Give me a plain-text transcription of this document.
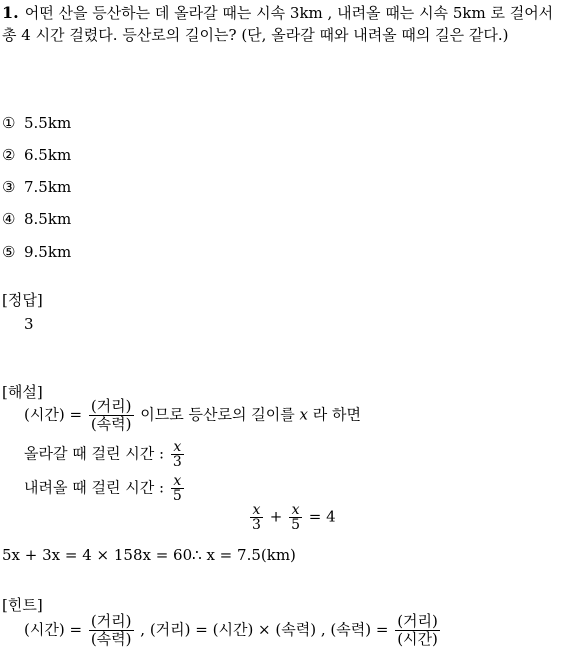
1. 어떤 산을 등산하는 데 올라갈 때는 시속 3km , 내려올 때는 시속 5km 로 걸어서 총 4 시간 걸렸다. 등산로의 길이는? (단, 올라갈 때와 내려올 때의 길은 같다.)
① 5.5km
② 6.5km
③ 7.5km
④ 8.5km
⑤ 9.5km
[정답]
3
[해설]
(시간) = $\frac{\text{(거리)}}{\text{(속력)}}$ 이므로 등산로의 길이를 x 라 하면
올라갈 때 걸린 시간 : $\frac{x}{3}$
내려올 때 걸린 시간 : $\frac{x}{5}$
$\frac{x}{3} + \frac{x}{5} = 4$
5x + 3x = 4 × 158x = 60∴ x = 7.5(km)
[힌트]
(시간) = $\frac{\text{(거리)}}{\text{(속력)}}$ , (거리) = (시간) × (속력) , (속력) = $\frac{\text{(거리)}}{\text{(시간)}}$
